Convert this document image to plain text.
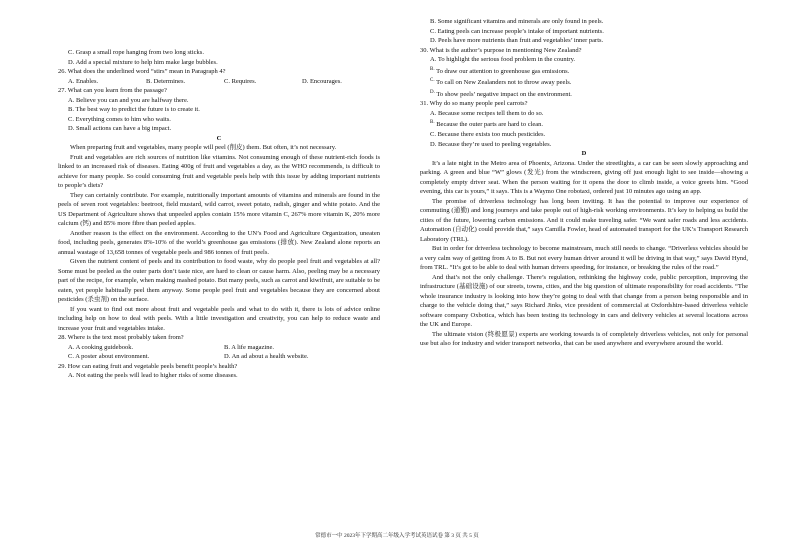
C. Grasp a small rope hanging from two long sticks.
D. Add a special mixture to help him make large bubbles.
26. What does the underlined word “stirs” mean in Paragraph 4?
A. Enables.	B. Determines.	C. Requires.	D. Encourages.
27. What can you learn from the passage?
A. Believe you can and you are halfway there.
B. The best way to predict the future is to create it.
C. Everything comes to him who waits.
D. Small actions can have a big impact.
C
When preparing fruit and vegetables, many people will peel (削皮) them. But often, it’s not necessary.
Fruit and vegetables are rich sources of nutrition like vitamins. Not consuming enough of these nutrient-rich foods is linked to an increased risk of diseases. Eating 400g of fruit and vegetables a day, as the WHO recommends, is difficult to achieve for many people. So could consuming fruit and vegetable peels help with this issue by adding important nutrients to people’s diets?
They can certainly contribute. For example, nutritionally important amounts of vitamins and minerals are found in the peels of seven root vegetables: beetroot, field mustard, wild carrot, sweet potato, radish, ginger and white potato. And the US Department of Agriculture shows that unpeeled apples contain 15% more vitamin C, 267% more vitamin K, 20% more calcium (钙) and 85% more fibre than peeled apples.
Another reason is the effect on the environment. According to the UN’s Food and Agriculture Organization, uneaten food, including peels, generates 8%-10% of the world’s greenhouse gas emissions (排放). New Zealand alone reports an annual wastage of 13,658 tonnes of vegetable peels and 986 tonnes of fruit peels.
Given the nutrient content of peels and its contribution to food waste, why do people peel fruit and vegetables at all? Some must be peeled as the outer parts don’t taste nice, are hard to clean or cause harm. Also, peeling may be a necessary part of the recipe, for example, when making mashed potato. But many peels, such as carrot and kiwifruit, are suitable to be eaten, yet people habitually peel them anyway. Some people peel fruit and vegetables because they are concerned about pesticides (杀虫剂) on the surface.
If you want to find out more about fruit and vegetable peels and what to do with it, there is lots of advice online including help on how to deal with peels. With a little investigation and creativity, you can help to reduce waste and increase your fruit and vegetables intake.
28. Where is the text most probably taken from?
A. A cooking guidebook.	B. A life magazine.
C. A poster about environment.	D. An ad about a health website.
29. How can eating fruit and vegetable peels benefit people’s health?
A. Not eating the peels will lead to higher risks of some diseases.
B. Some significant vitamins and minerals are only found in peels.
C. Eating peels can increase people’s intake of important nutrients.
D. Peels have more nutrients than fruit and vegetables’ inner parts.
30. What is the author’s purpose in mentioning New Zealand?
A. To highlight the serious food problem in the country.
$^{B.}$ To draw our attention to greenhouse gas emissions.
$^{C.}$ To call on New Zealanders not to throw away peels.
$^{D.}$ To show peels’ negative impact on the environment.
31. Why do so many people peel carrots?
A. Because some recipes tell them to do so.
$^{B.}$ Because the outer parts are hard to clean.
C. Because there exists too much pesticides.
D. Because they’re used to peeling vegetables.
D
It’s a late night in the Metro area of Phoenix, Arizona. Under the streetlights, a car can be seen slowly approaching and parking. A green and blue “W” glows (发光) from the windscreen, giving off just enough light to see inside—showing a completely empty driver seat. When the person waiting for it opens the door to climb inside, a voice greets him. “Good evening, this car is yours,” it says. This is a Waymo One robotaxi, ordered just 10 minutes ago using an app.
The promise of driverless technology has long been inviting. It has the potential to improve our experience of commuting (通勤) and long journeys and take people out of high-risk working environments. It’s key to helping us build the cities of the future, lowering carbon emissions. And it could make traveling safer. “We want safer roads and less accidents. Automation (自动化) could provide that,” says Camilla Fowler, head of automated transport for the UK’s Transport Research Laboratory (TRL).
But in order for driverless technology to become mainstream, much still needs to change. “Driverless vehicles should be a very calm way of getting from A to B. But not every human driver around it will be driving in that way,” says David Hynd, from TRL. “It’s got to be able to deal with human drivers speeding, for instance, or breaking the rules of the road.”
And that’s not the only challenge. There’s regulation, rethinking the highway code, public perception, improving the infrastructure (基础设施) of our streets, towns, cities, and the big question of ultimate responsibility for road accidents. “The whole insurance industry is looking into how they’re going to deal with that change from a person being responsible and in charge to the vehicle doing that,” says Richard Jinks, vice president of commercial at Oxfordshire-based driverless vehicle software company Oxbotica, which has been testing its technology in cars and delivery vehicles at several locations across the UK and Europe.
The ultimate vision (终极愿景) experts are working towards is of completely driverless vehicles, not only for personal use but also for industry and wider transport networks, that can be used anywhere and everywhere around the world.
常德市一中 2023年下学期高二年级入学考试英语试卷 第 3 页 共 5 页
